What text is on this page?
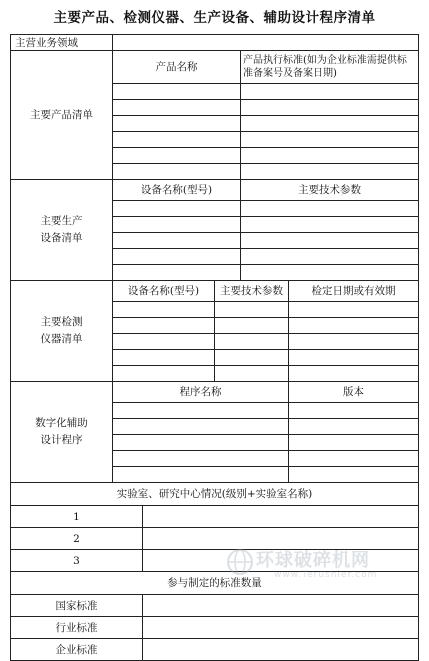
主要产品、检测仪器、生产设备、辅助设计程序清单
主营业务领域					
主要产品清单	产品名称			产品执行标准(如为企业标准需提供标准备案号及备案日期)	

主要生产
设备清单	设备名称(型号)			主要技术参数	

主要检测
仪器清单	设备名称(型号)		主要技术参数		检定日期或有效期

数字化辅助
设计程序	程序名称				版本

实验室、研究中心情况(级别+实验室名称)					
1					
2					
3					
参与制定的标准数量					
国家标准					
行业标准					
企业标准					
环球破碎机网
www.Terushier.com
